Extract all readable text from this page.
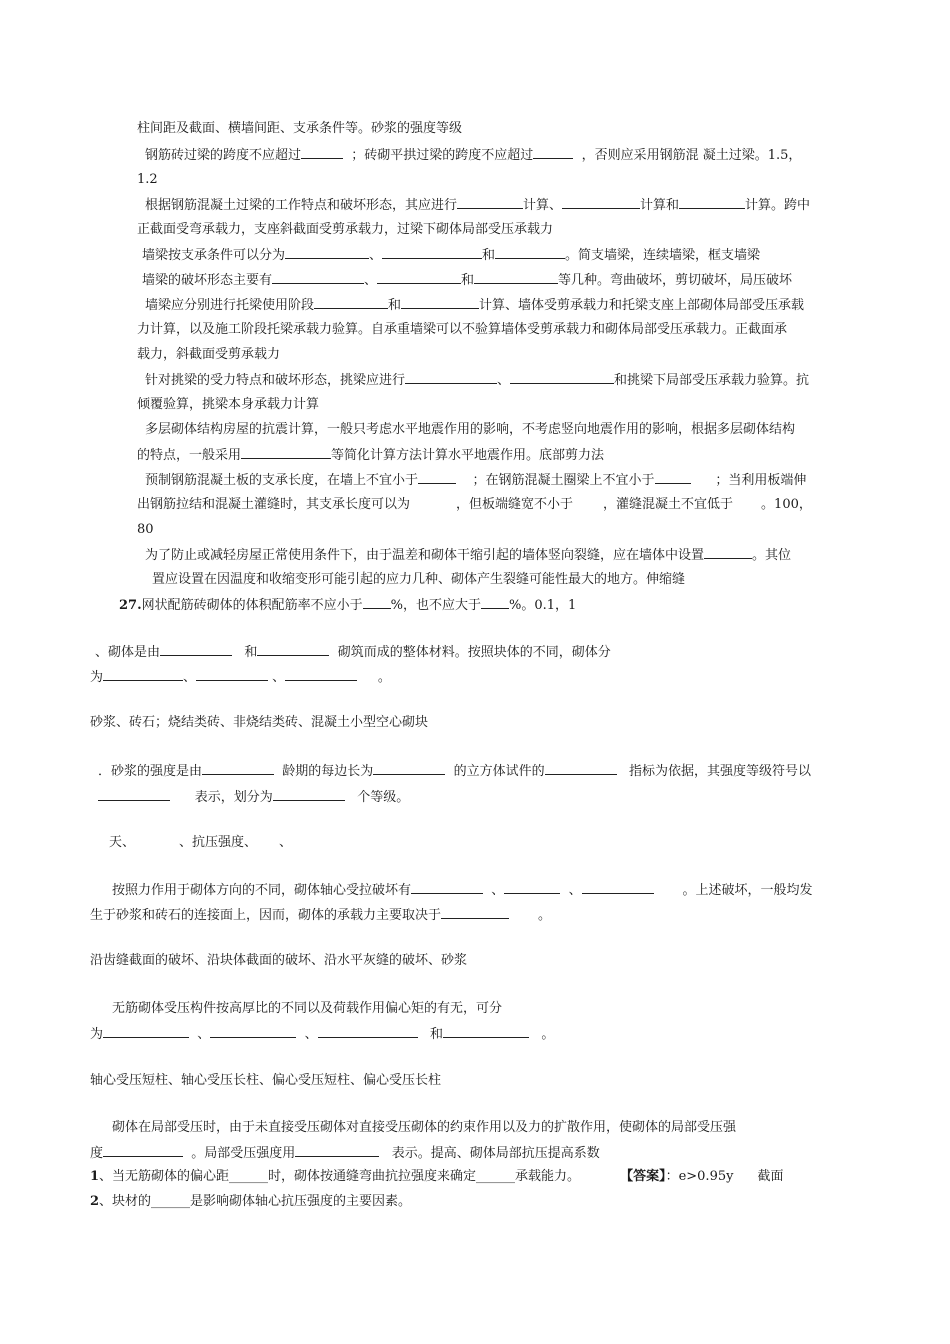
柱间距及截面、横墙间距、支承条件等。砂浆的强度等级
钢筋砖过梁的跨度不应超过	；砖砌平拱过梁的跨度不应超过	，否则应采用钢筋混 凝土过梁。1.5，
1.2
根据钢筋混凝土过梁的工作特点和破坏形态，其应进行	计算、	计算和	计算。跨中
正截面受弯承载力，支座斜截面受剪承载力，过梁下砌体局部受压承载力
墙梁按支承条件可以分为	、	和	。简支墙梁，连续墙梁，框支墙梁
墙梁的破坏形态主要有	、	和	等几种。弯曲破坏，剪切破坏，局压破坏
墙梁应分别进行托梁使用阶段	和	计算、墙体受剪承载力和托梁支座上部砌体局部受压承载
力计算，以及施工阶段托梁承载力验算。自承重墙梁可以不验算墙体受剪承载力和砌体局部受压承载力。正截面承
载力，斜截面受剪承载力
针对挑梁的受力特点和破坏形态，挑梁应进行	、	和挑梁下局部受压承载力验算。抗
倾覆验算，挑梁本身承载力计算
多层砌体结构房屋的抗震计算，一般只考虑水平地震作用的影响，不考虑竖向地震作用的影响，根据多层砌体结构
的特点，一般采用	等简化计算方法计算水平地震作用。底部剪力法
预制钢筋混凝土板的支承长度，在墙上不宜小于	；在钢筋混凝土圈梁上不宜小于	；当利用板端伸
出钢筋拉结和混凝土灌缝时，其支承长度可以为	，但板端缝宽不小于 ，灌缝混凝土不宜低于 。100，
80
为了防止或减轻房屋正常使用条件下，由于温差和砌体干缩引起的墙体竖向裂缝，应在墙体中设置	。其位
置应设置在因温度和收缩变形可能引起的应力几种、砌体产生裂缝可能性最大的地方。伸缩缝
27.网状配筋砖砌体的体积配筋率不应小于 %，也不应大于 %。0.1，1
、砌体是由	和	砌筑而成的整体材料。按照块体的不同，砌体分
为	、	、	。
砂浆、砖石；烧结类砖、非烧结类砖、混凝土小型空心砌块
．砂浆的强度是由	龄期的每边长为	的立方体试件的	指标为依据，其强度等级符号以
表示，划分为	个等级。
天、	、抗压强度、 、
按照力作用于砌体方向的不同，砌体轴心受拉破坏有	、	、	。上述破坏，一般均发
生于砂浆和砖石的连接面上，因而，砌体的承载力主要取决于	。
沿齿缝截面的破坏、沿块体截面的破坏、沿水平灰缝的破坏、砂浆
无筋砌体受压构件按高厚比的不同以及荷载作用偏心矩的有无，可分
为	、	、	和	。
轴心受压短柱、轴心受压长柱、偏心受压短柱、偏心受压长柱
砌体在局部受压时，由于未直接受压砌体对直接受压砌体的约束作用以及力的扩散作用，使砌体的局部受压强
度	。局部受压强度用	表示。提高、砌体局部抗压提高系数
1、当无筋砌体的偏心距______时，砌体按通缝弯曲抗拉强度来确定______承载能力。	【答案】：e>0.95y 截面
2、块材的______是影响砌体轴心抗压强度的主要因素。
